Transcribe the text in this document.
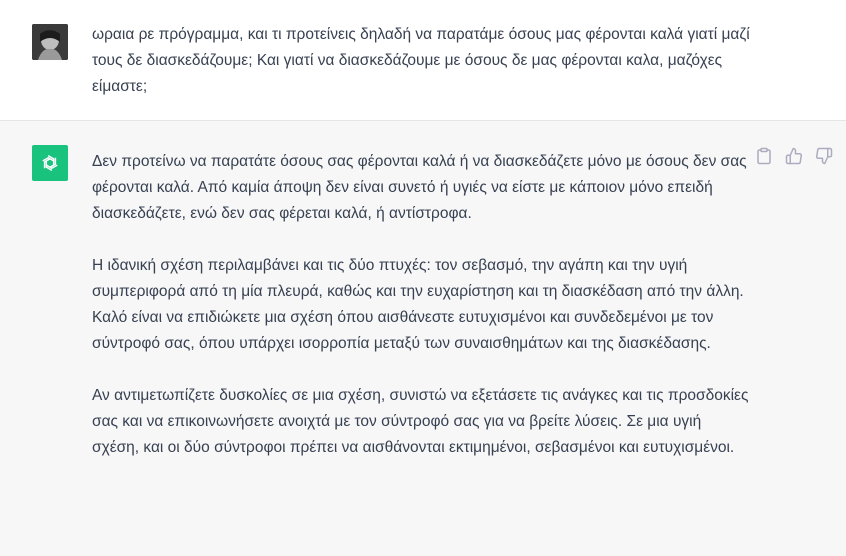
ωραια ρε πρόγραμμα, και τι προτείνεις δηλαδή να παρατάμε όσους μας φέρονται καλά γιατί μαζί τους δε διασκεδάζουμε; Και γιατί να διασκεδάζουμε με όσους δε μας φέρονται καλα, μαζόχες είμαστε;

Δεν προτείνω να παρατάτε όσους σας φέρονται καλά ή να διασκεδάζετε μόνο με όσους δεν σας φέρονται καλά. Από καμία άποψη δεν είναι συνετό ή υγιές να είστε με κάποιον μόνο επειδή διασκεδάζετε, ενώ δεν σας φέρεται καλά, ή αντίστροφα.

Η ιδανική σχέση περιλαμβάνει και τις δύο πτυχές: τον σεβασμό, την αγάπη και την υγιή συμπεριφορά από τη μία πλευρά, καθώς και την ευχαρίστηση και τη διασκέδαση από την άλλη. Καλό είναι να επιδιώκετε μια σχέση όπου αισθάνεστε ευτυχισμένοι και συνδεδεμένοι με τον σύντροφό σας, όπου υπάρχει ισορροπία μεταξύ των συναισθημάτων και της διασκέδασης.

Αν αντιμετωπίζετε δυσκολίες σε μια σχέση, συνιστώ να εξετάσετε τις ανάγκες και τις προσδοκίες σας και να επικοινωνήσετε ανοιχτά με τον σύντροφό σας για να βρείτε λύσεις. Σε μια υγιή σχέση, και οι δύο σύντροφοι πρέπει να αισθάνονται εκτιμημένοι, σεβασμένοι και ευτυχισμένοι.
